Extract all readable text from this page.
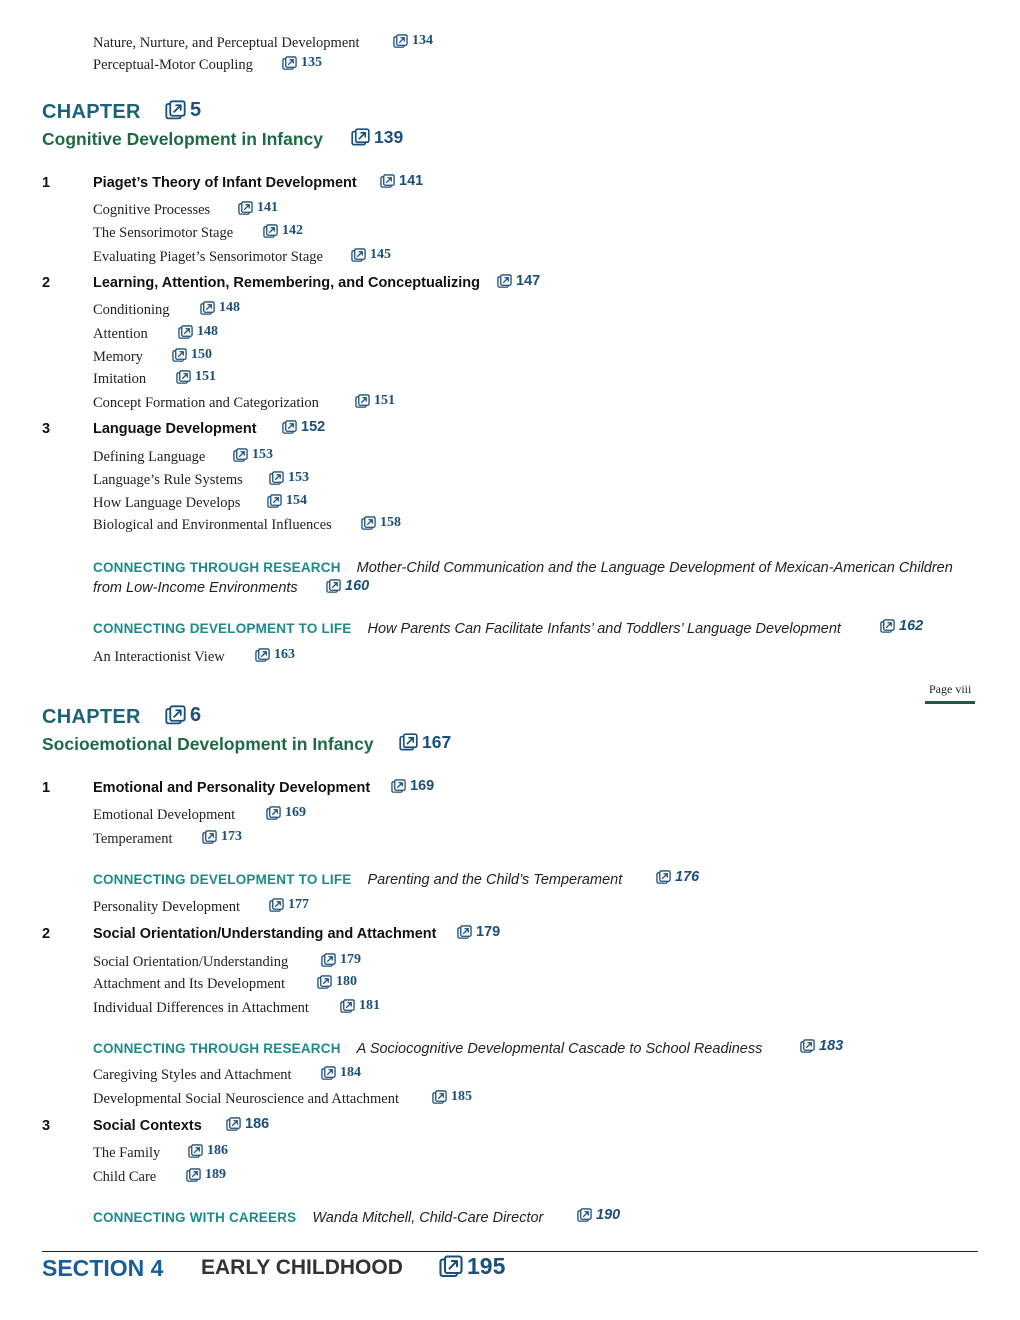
Nature, Nurture, and Perceptual Development	134
Perceptual-Motor Coupling	135
CHAPTER 5
Cognitive Development in Infancy	139
1	Piaget’s Theory of Infant Development	141
Cognitive Processes	141
The Sensorimotor Stage	142
Evaluating Piaget’s Sensorimotor Stage	145
2	Learning, Attention, Remembering, and Conceptualizing 147
Conditioning	148
Attention	148
Memory	150
Imitation	151
Concept Formation and Categorization	151
3	Language Development	152
Defining Language	153
Language’s Rule Systems	153
How Language Develops	154
Biological and Environmental Influences	158
CONNECTING THROUGH RESEARCH Mother-Child Communication and the Language Development of Mexican-American Children
from Low-Income Environments	160
CONNECTING DEVELOPMENT TO LIFE How Parents Can Facilitate Infants’ and Toddlers’ Language Development	162
An Interactionist View	163
Page viii
CHAPTER 6
Socioemotional Development in Infancy	167
1	Emotional and Personality Development	169
Emotional Development	169
Temperament	173
CONNECTING DEVELOPMENT TO LIFE Parenting and the Child’s Temperament	176
Personality Development	177
2	Social Orientation/Understanding and Attachment	179
Social Orientation/Understanding	179
Attachment and Its Development	180
Individual Differences in Attachment	181
CONNECTING THROUGH RESEARCH A Sociocognitive Developmental Cascade to School Readiness	183
Caregiving Styles and Attachment	184
Developmental Social Neuroscience and Attachment	185
3	Social Contexts	186
The Family	186
Child Care	189
CONNECTING WITH CAREERS Wanda Mitchell, Child-Care Director	190
SECTION 4 EARLY CHILDHOOD	195
